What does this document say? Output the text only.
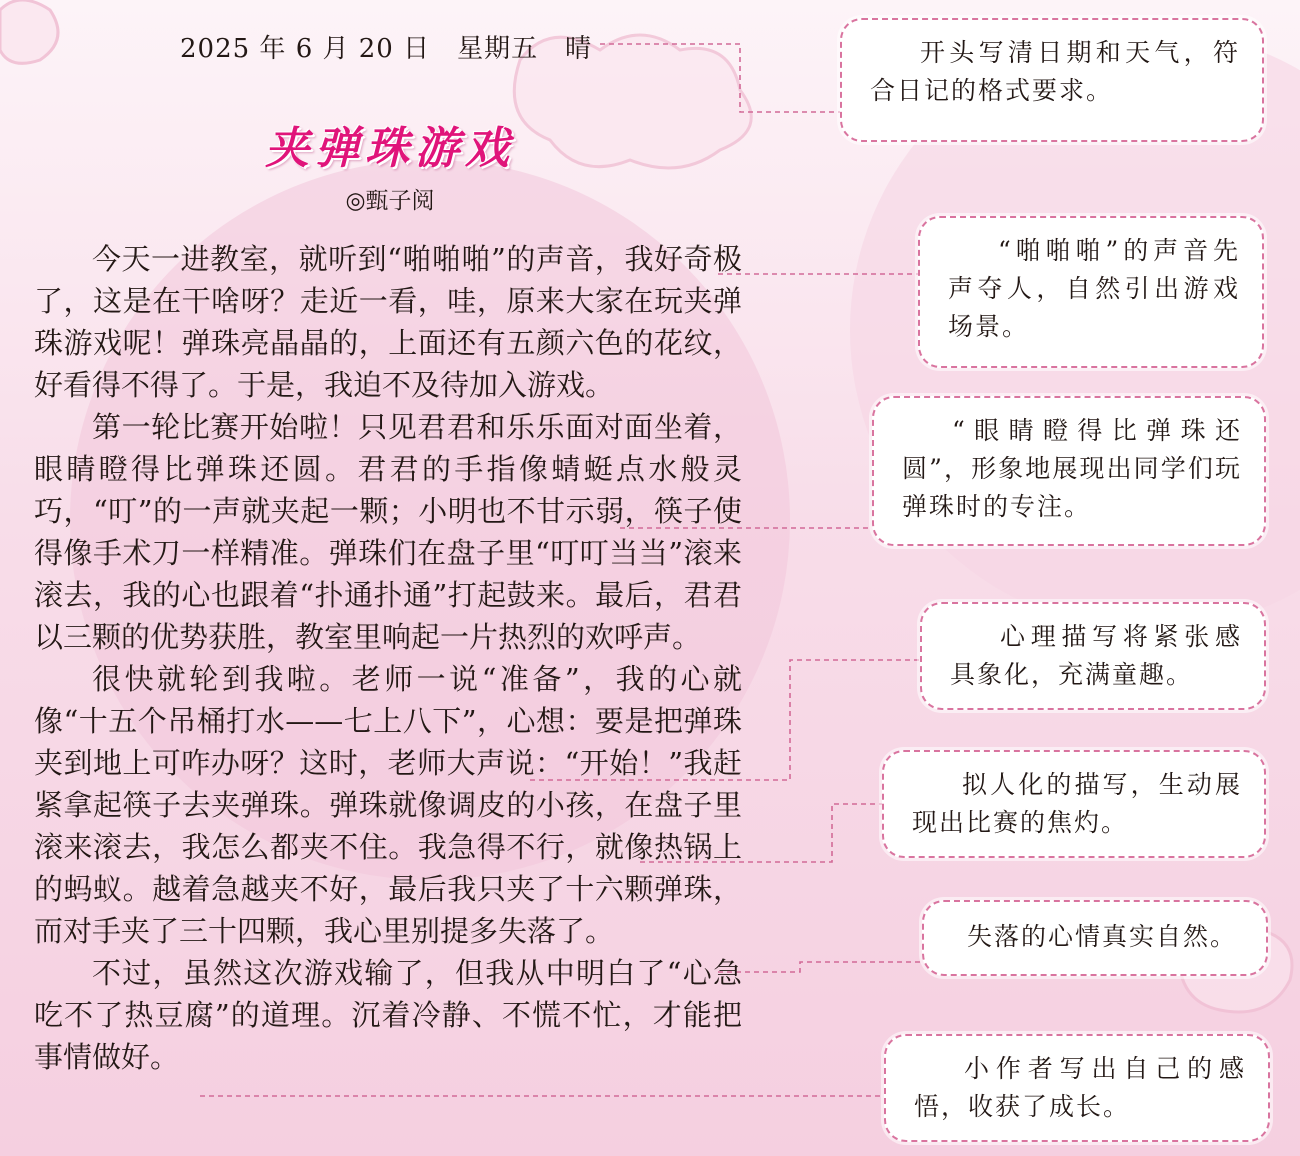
2025 年 6 月 20 日　星期五　晴
夹弹珠游戏
◎甄子阅

今天一进教室，就听到“啪啪啪”的声音，我好奇极了，这是在干啥呀？走近一看，哇，原来大家在玩夹弹珠游戏呢！弹珠亮晶晶的，上面还有五颜六色的花纹，好看得不得了。于是，我迫不及待加入游戏。

第一轮比赛开始啦！只见君君和乐乐面对面坐着，眼睛瞪得比弹珠还圆。君君的手指像蜻蜓点水般灵巧，“叮”的一声就夹起一颗；小明也不甘示弱，筷子使得像手术刀一样精准。弹珠们在盘子里“叮叮当当”滚来滚去，我的心也跟着“扑通扑通”打起鼓来。最后，君君以三颗的优势获胜，教室里响起一片热烈的欢呼声。

很快就轮到我啦。老师一说“准备”，我的心就像“十五个吊桶打水——七上八下”，心想：要是把弹珠夹到地上可咋办呀？这时，老师大声说：“开始！”我赶紧拿起筷子去夹弹珠。弹珠就像调皮的小孩，在盘子里滚来滚去，我怎么都夹不住。我急得不行，就像热锅上的蚂蚁。越着急越夹不好，最后我只夹了十六颗弹珠，而对手夹了三十四颗，我心里别提多失落了。

不过，虽然这次游戏输了，但我从中明白了“心急吃不了热豆腐”的道理。沉着冷静、不慌不忙，才能把事情做好。

开头写清日期和天气，符合日记的格式要求。
“啪啪啪”的声音先声夺人，自然引出游戏场景。
“眼睛瞪得比弹珠还圆”，形象地展现出同学们玩弹珠时的专注。
心理描写将紧张感具象化，充满童趣。
拟人化的描写，生动展现出比赛的焦灼。
失落的心情真实自然。
小作者写出自己的感悟，收获了成长。
